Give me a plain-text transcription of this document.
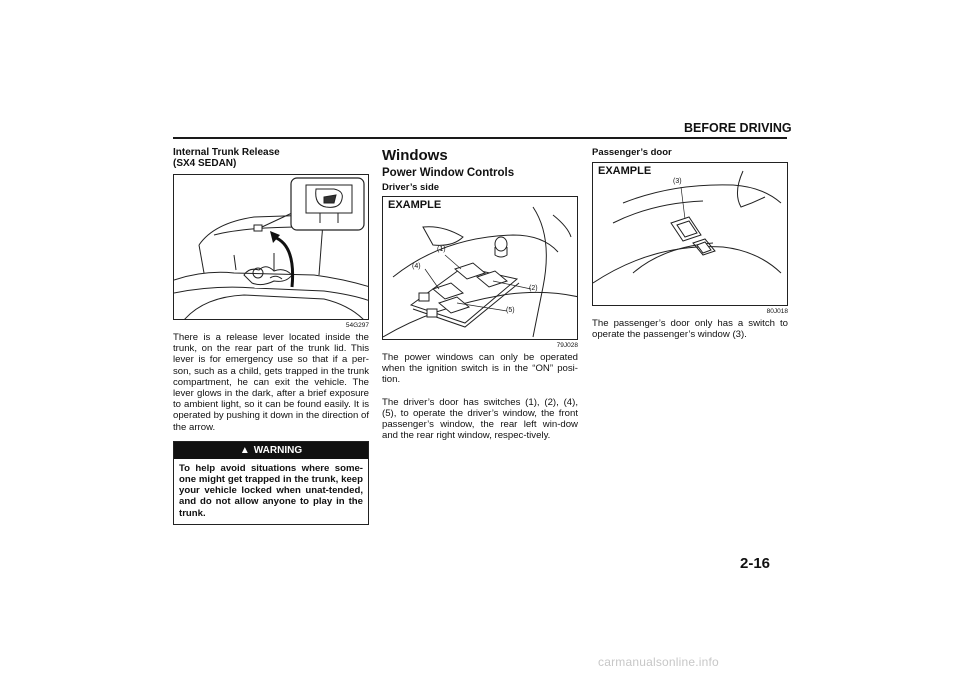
BEFORE DRIVING
Internal Trunk Release
(SX4 SEDAN)
54G297
There is a release lever located inside the trunk, on the rear part of the trunk lid. This lever is for emergency use so that if a per-son, such as a child, gets trapped in the trunk compartment, he can exit the vehicle. The lever glows in the dark, after a brief exposure to ambient light, so it can be found easily. It is operated by pushing it down in the direction of the arrow.
▲ WARNING
To help avoid situations where some-one might get trapped in the trunk, keep your vehicle locked when unat-tended, and do not allow anyone to play in the trunk.
Windows
Power Window Controls
Driver’s side
EXAMPLE
(1)
(4)
(2)
(5)
79J028
The power windows can only be operated when the ignition switch is in the “ON” posi-tion.
The driver’s door has switches (1), (2), (4), (5), to operate the driver’s window, the front passenger’s window, the rear left win-dow and the rear right window, respec-tively.
Passenger’s door
EXAMPLE
(3)
80J018
The passenger’s door only has a switch to operate the passenger’s window (3).
2-16
carmanualsonline.info
